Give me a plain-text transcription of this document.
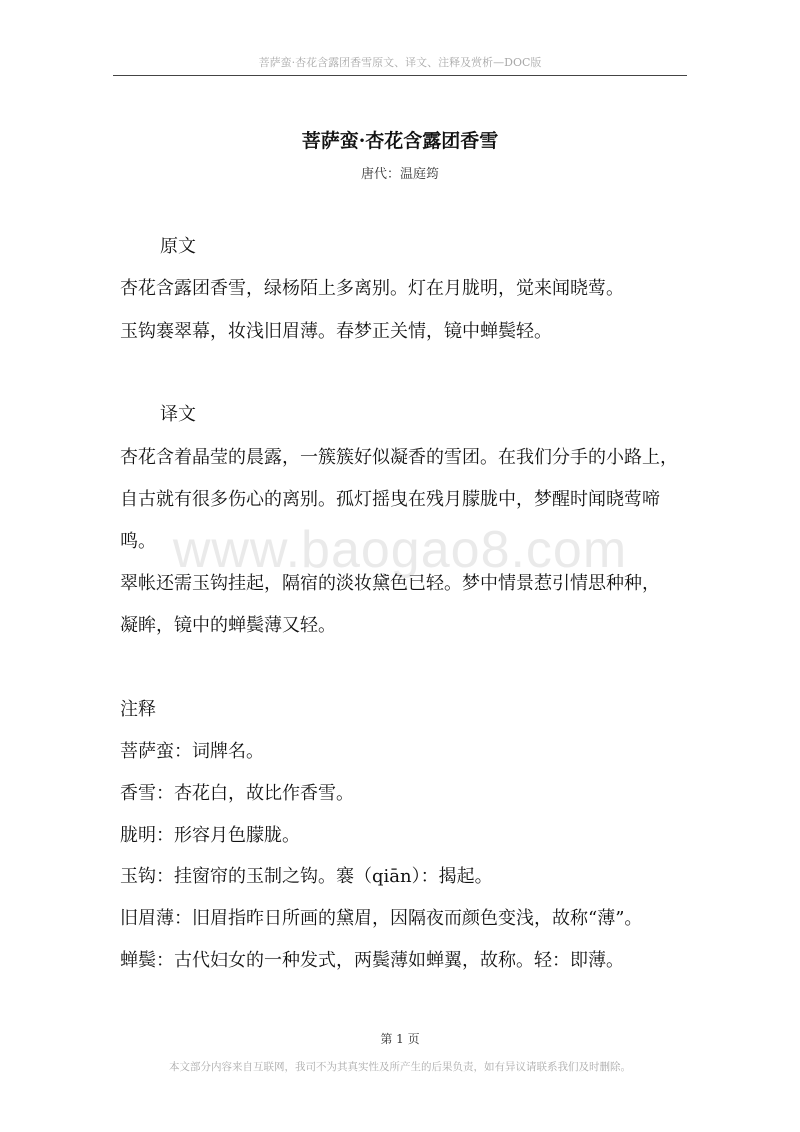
菩萨蛮·杏花含露团香雪原文、译文、注释及赏析—DOC版
菩萨蛮·杏花含露团香雪
唐代：温庭筠
www.baogao8.com
原文
杏花含露团香雪，绿杨陌上多离别。灯在月胧明，觉来闻晓莺。
玉钩褰翠幕，妆浅旧眉薄。春梦正关情，镜中蝉鬓轻。
译文
杏花含着晶莹的晨露，一簇簇好似凝香的雪团。在我们分手的小路上，
自古就有很多伤心的离别。孤灯摇曳在残月朦胧中，梦醒时闻晓莺啼
鸣。
翠帐还需玉钩挂起，隔宿的淡妆黛色已轻。梦中情景惹引情思种种，
凝眸，镜中的蝉鬓薄又轻。
注释
菩萨蛮：词牌名。
香雪：杏花白，故比作香雪。
胧明：形容月色朦胧。
玉钩：挂窗帘的玉制之钩。褰（qiān）：揭起。
旧眉薄：旧眉指昨日所画的黛眉，因隔夜而颜色变浅，故称“薄”。
蝉鬓：古代妇女的一种发式，两鬓薄如蝉翼，故称。轻：即薄。
第 1 页
本文部分内容来自互联网，我司不为其真实性及所产生的后果负责，如有异议请联系我们及时删除。
